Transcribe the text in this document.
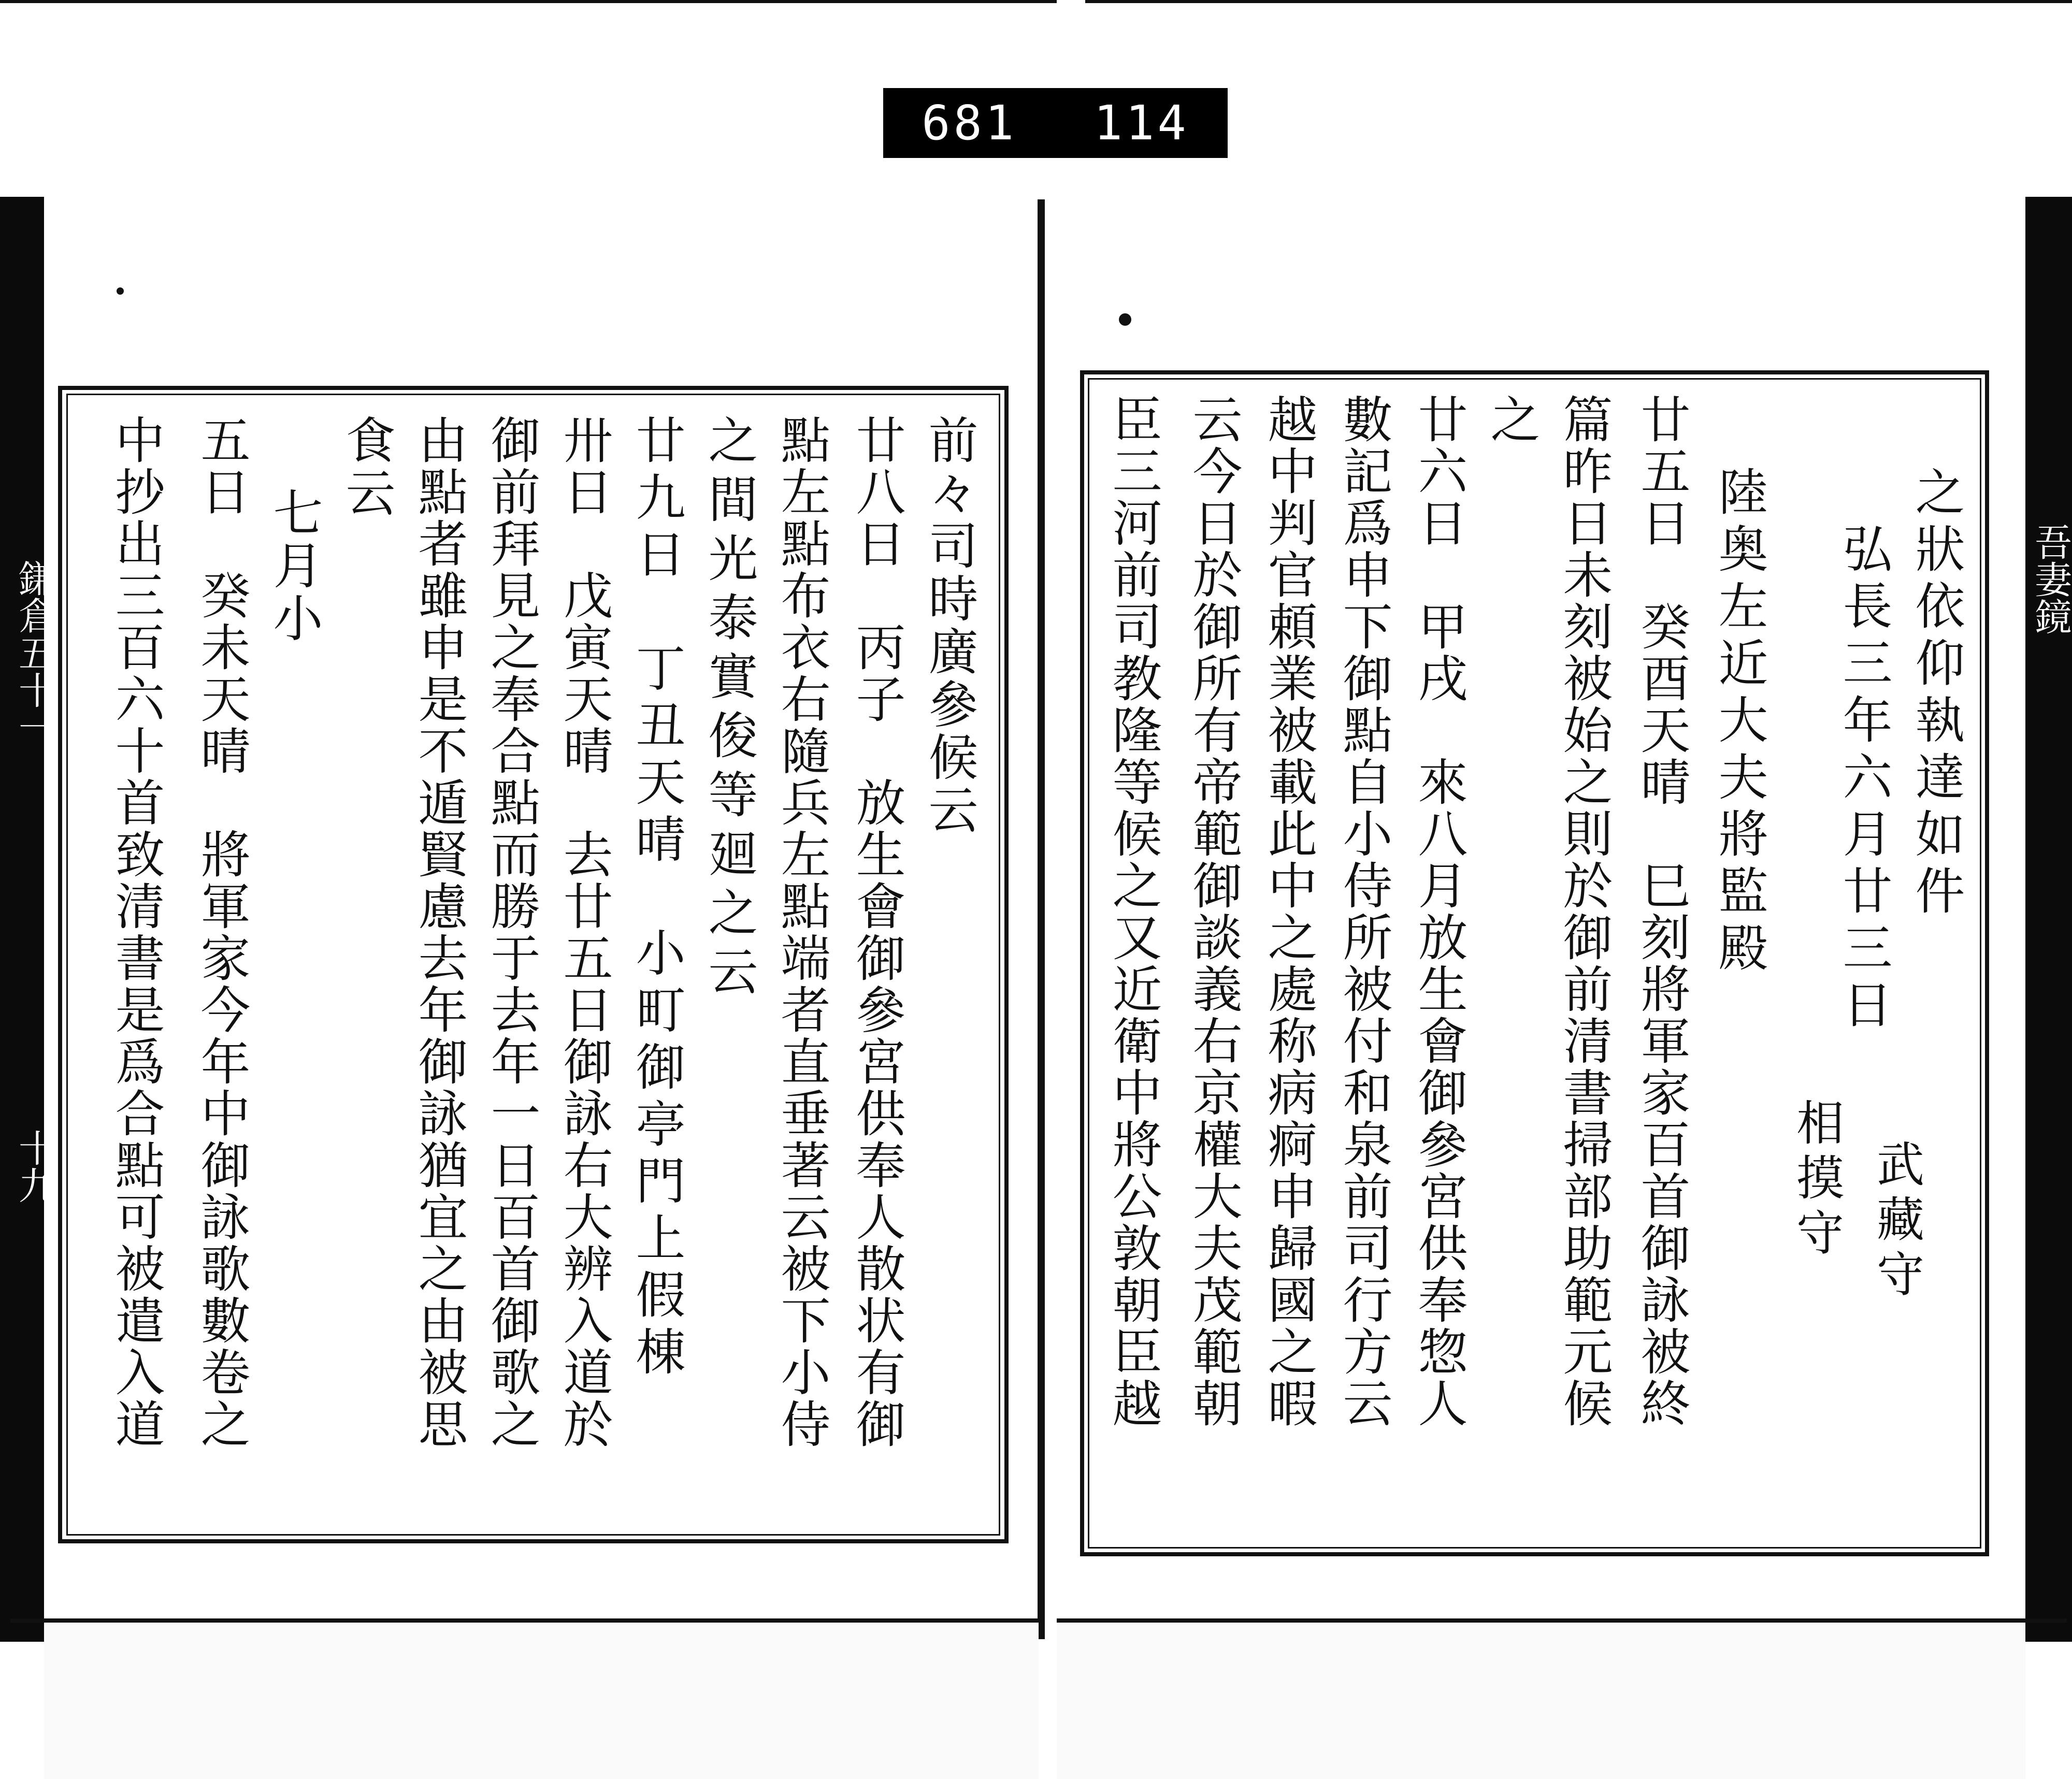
681 114
鎌倉五十一
十九
吾妻鏡
前々司時廣參候云
廿八日　丙子　放生會御參宮供奉人散状有御
點左點布衣右隨兵左點端者直垂著云被下小侍
之間光泰實俊等廻之云
廿九日　丁丑天晴　小町御亭門上假棟
卅日　戊寅天晴　去廿五日御詠右大辨入道於
御前拜見之奉合點而勝于去年一日百首御歌之
由點者雖申是不遁賢慮去年御詠猶宜之由被思
食云
七月小
五日　癸未天晴　將軍家今年中御詠歌數卷之
中抄出三百六十首致清書是爲合點可被遣入道	之狀依仰執達如件
弘長三年六月廿三日
武藏守
相摸守
陸奥左近大夫將監殿
廿五日　癸酉天晴　巳刻將軍家百首御詠被終
篇昨日未刻被始之則於御前清書掃部助範元候
之
廿六日　甲戌　來八月放生會御參宮供奉惣人
數記爲申下御點自小侍所被付和泉前司行方云
越中判官頼業被載此中之處称病痾申歸國之暇
云今日於御所有帝範御談義右京權大夫茂範朝
臣三河前司教隆等候之又近衛中將公敦朝臣越
